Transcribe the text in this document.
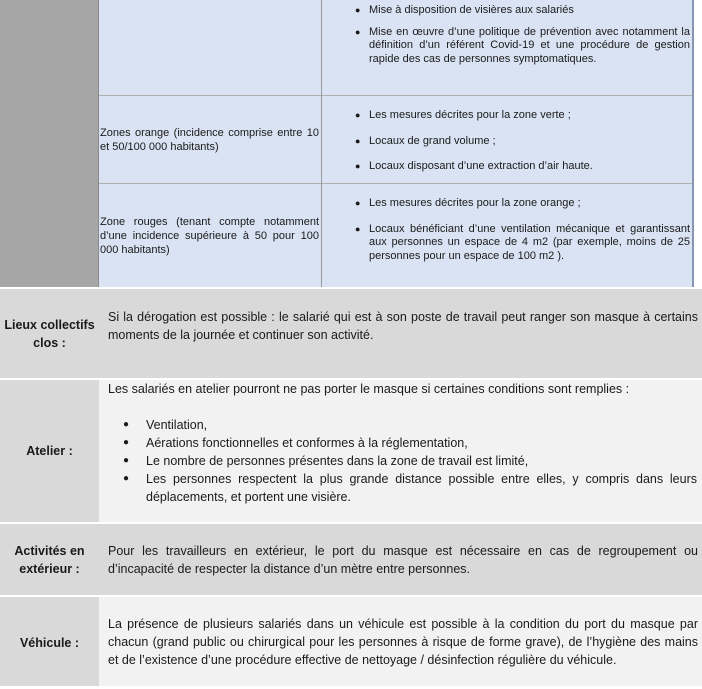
● Mise à disposition de visières aux salariés
● Mise en œuvre d’une politique de prévention avec notamment la définition d’un référent Covid-19 et une procédure de gestion rapide des cas de personnes symptomatiques.
Zones orange (incidence comprise entre 10 et 50/100 000 habitants)
● Les mesures décrites pour la zone verte ;
● Locaux de grand volume ;
● Locaux disposant d’une extraction d’air haute.
Zone rouges (tenant compte notamment d’une incidence supérieure à 50 pour 100 000 habitants)
● Les mesures décrites pour la zone orange ;
● Locaux bénéficiant d’une ventilation mécanique et garantissant aux personnes un espace de 4 m2 (par exemple, moins de 25 personnes pour un espace de 100 m2 ).
Lieux collectifs clos :
Si la dérogation est possible : le salarié qui est à son poste de travail peut ranger son masque à certains moments de la journée et continuer son activité.
Atelier :
Les salariés en atelier pourront ne pas porter le masque si certaines conditions sont remplies :
● Ventilation,
● Aérations fonctionnelles et conformes à la réglementation,
● Le nombre de personnes présentes dans la zone de travail est limité,
● Les personnes respectent la plus grande distance possible entre elles, y compris dans leurs déplacements, et portent une visière.
Activités en extérieur :
Pour les travailleurs en extérieur, le port du masque est nécessaire en cas de regroupement ou d’incapacité de respecter la distance d’un mètre entre personnes.
Véhicule :
La présence de plusieurs salariés dans un véhicule est possible à la condition du port du masque par chacun (grand public ou chirurgical pour les personnes à risque de forme grave), de l’hygiène des mains et de l’existence d’une procédure effective de nettoyage / désinfection régulière du véhicule.
